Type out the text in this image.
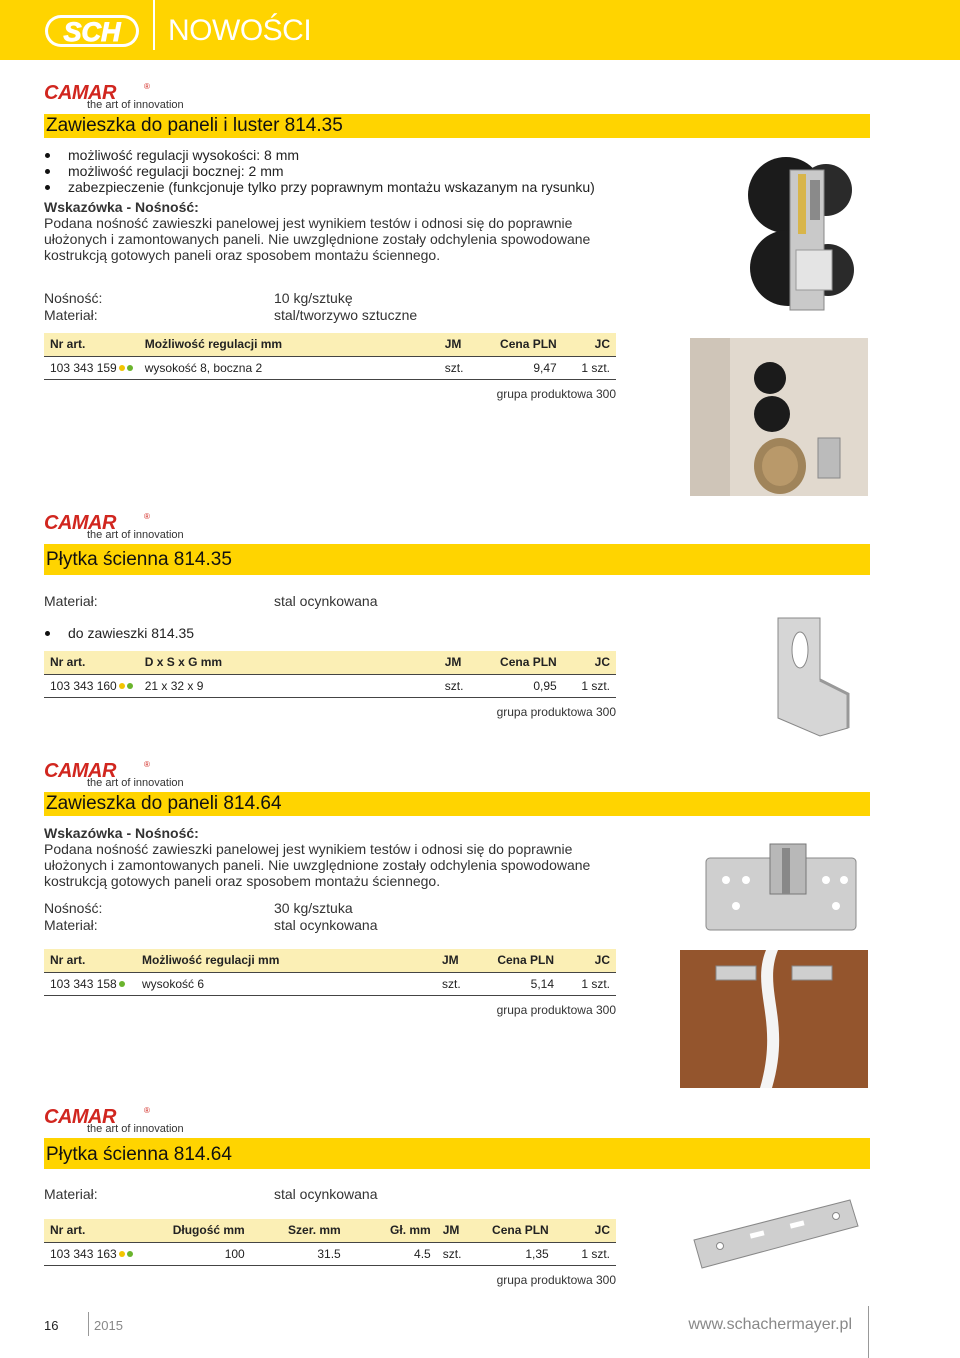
SCH NOWOŚCI
CAMAR	®
the art of innovation
Zawieszka do paneli i luster 814.35
możliwość regulacji wysokości: 8 mm
możliwość regulacji bocznej: 2 mm
zabezpieczenie (funkcjonuje tylko przy poprawnym montażu wskazanym na rysunku)
Wskazówka - Nośność:
Podana nośność zawieszki panelowej jest wynikiem testów i odnosi się do poprawnie ułożonych i zamontowanych paneli. Nie uwzględnione zostały odchylenia spowodowane kostrukcją gotowych paneli oraz sposobem montażu ściennego.
Nośność:	10 kg/sztukę
Materiał:	stal/tworzywo sztuczne
Nr art.	Możliwość regulacji mm	JM	Cena PLN	JC
103 343 159	wysokość 8, boczna 2	szt.	9,47	1 szt.
grupa produktowa 300
CAMAR	®
the art of innovation
Płytka ścienna 814.35
Materiał:	stal ocynkowana
do zawieszki 814.35
Nr art.	D x S x G mm	JM	Cena PLN	JC
103 343 160	21 x 32 x 9	szt.	0,95	1 szt.
grupa produktowa 300
CAMAR	®
the art of innovation
Zawieszka do paneli 814.64
Wskazówka - Nośność:
Podana nośność zawieszki panelowej jest wynikiem testów i odnosi się do poprawnie ułożonych i zamontowanych paneli. Nie uwzględnione zostały odchylenia spowodowane kostrukcją gotowych paneli oraz sposobem montażu ściennego.
Nośność:	30 kg/sztuka
Materiał:	stal ocynkowana
Nr art.	Możliwość regulacji mm	JM	Cena PLN	JC
103 343 158	wysokość 6	szt.	5,14	1 szt.
grupa produktowa 300
CAMAR	®
the art of innovation
Płytka ścienna 814.64
Materiał:	stal ocynkowana
Nr art.	Długość mm	Szer. mm	Gł. mm	JM	Cena PLN	JC
103 343 163	100	31.5	4.5	szt.	1,35	1 szt.
grupa produktowa 300
16	2015	www.schachermayer.pl
